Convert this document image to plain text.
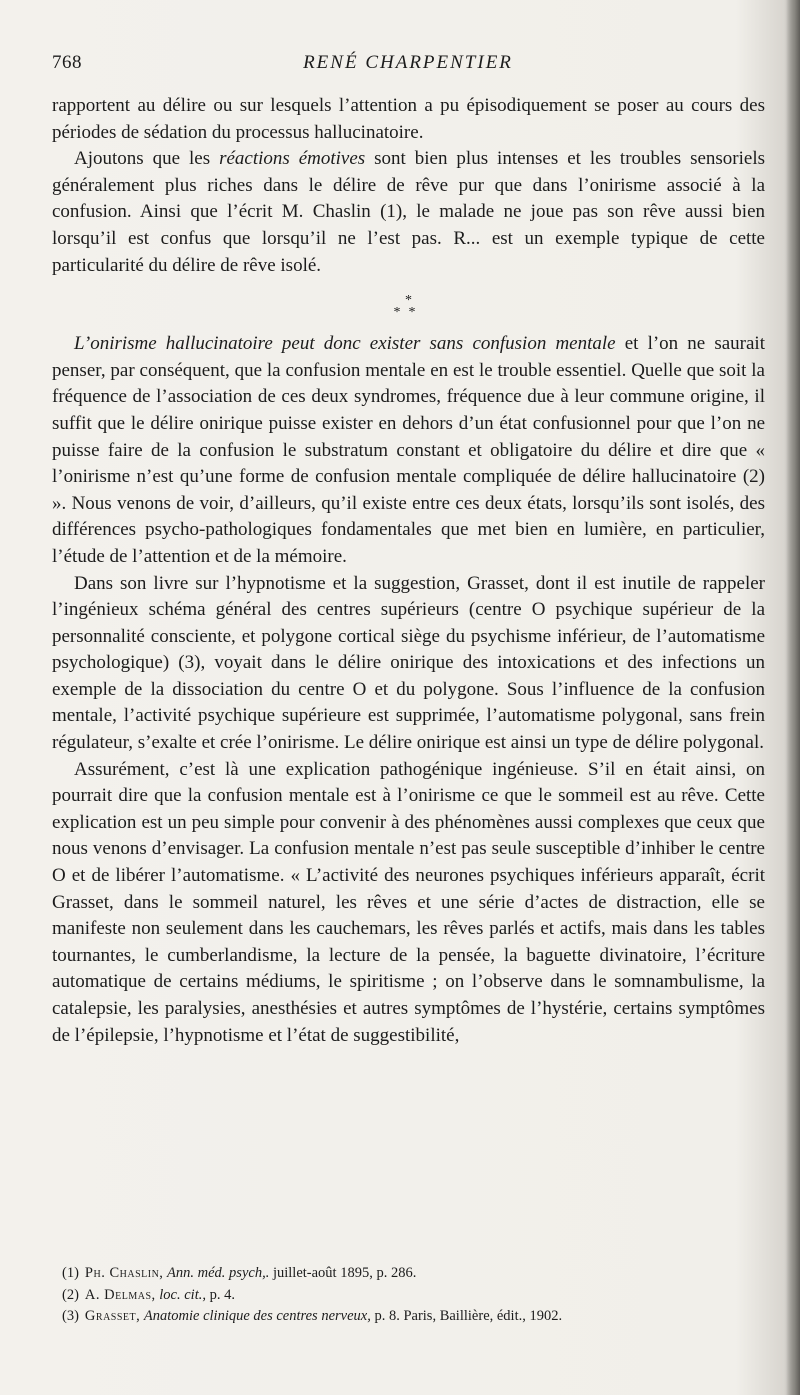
768	RENÉ CHARPENTIER

rapportent au délire ou sur lesquels l’attention a pu épisodiquement se poser au cours des périodes de sédation du processus hallucinatoire.

Ajoutons que les réactions émotives sont bien plus intenses et les troubles sensoriels généralement plus riches dans le délire de rêve pur que dans l’onirisme associé à la confusion. Ainsi que l’écrit M. Chaslin (1), le malade ne joue pas son rêve aussi bien lorsqu’il est confus que lorsqu’il ne l’est pas. R... est un exemple typique de cette particularité du délire de rêve isolé.

*
**

L’onirisme hallucinatoire peut donc exister sans confusion mentale et l’on ne saurait penser, par conséquent, que la confusion mentale en est le trouble essentiel. Quelle que soit la fréquence de l’association de ces deux syndromes, fréquence due à leur commune origine, il suffit que le délire onirique puisse exister en dehors d’un état confusionnel pour que l’on ne puisse faire de la confusion le substratum constant et obligatoire du délire et dire que « l’onirisme n’est qu’une forme de confusion mentale compliquée de délire hallucinatoire (2) ». Nous venons de voir, d’ailleurs, qu’il existe entre ces deux états, lorsqu’ils sont isolés, des différences psycho-pathologiques fondamentales que met bien en lumière, en particulier, l’étude de l’attention et de la mémoire.

Dans son livre sur l’hypnotisme et la suggestion, Grasset, dont il est inutile de rappeler l’ingénieux schéma général des centres supérieurs (centre O psychique supérieur de la personnalité consciente, et polygone cortical siège du psychisme inférieur, de l’automatisme psychologique) (3), voyait dans le délire onirique des intoxications et des infections un exemple de la dissociation du centre O et du polygone. Sous l’influence de la confusion mentale, l’activité psychique supérieure est supprimée, l’automatisme polygonal, sans frein régulateur, s’exalte et crée l’onirisme. Le délire onirique est ainsi un type de délire polygonal.

Assurément, c’est là une explication pathogénique ingénieuse. S’il en était ainsi, on pourrait dire que la confusion mentale est à l’onirisme ce que le sommeil est au rêve. Cette explication est un peu simple pour convenir à des phénomènes aussi complexes que ceux que nous venons d’envisager. La confusion mentale n’est pas seule susceptible d’inhiber le centre O et de libérer l’automatisme. « L’activité des neurones psychiques inférieurs apparaît, écrit Grasset, dans le sommeil naturel, les rêves et une série d’actes de distraction, elle se manifeste non seulement dans les cauchemars, les rêves parlés et actifs, mais dans les tables tournantes, le cumberlandisme, la lecture de la pensée, la baguette divinatoire, l’écriture automatique de certains médiums, le spiritisme ; on l’observe dans le somnambulisme, la catalepsie, les paralysies, anesthésies et autres symptômes de l’hystérie, certains symptômes de l’épilepsie, l’hypnotisme et l’état de suggestibilité,

(1) Ph. Chaslin, Ann. méd. psych,. juillet-août 1895, p. 286.
(2) A. Delmas, loc. cit., p. 4.
(3) Grasset, Anatomie clinique des centres nerveux, p. 8. Paris, Baillière, édit., 1902.
